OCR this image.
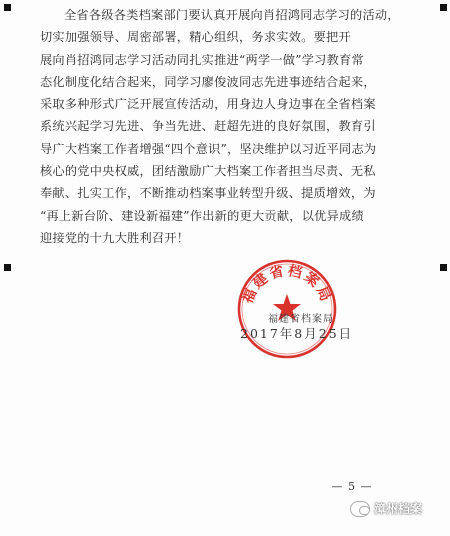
全省各级各类档案部门要认真开展向肖招鸿同志学习的活动，

切实加强领导、周密部署，精心组织，务求实效。要把开

展向肖招鸿同志学习活动同扎实推进“两学一做”学习教育常

态化制度化结合起来，同学习廖俊波同志先进事迹结合起来，

采取多种形式广泛开展宣传活动，用身边人身边事在全省档案

系统兴起学习先进、争当先进、赶超先进的良好氛围，教育引

导广大档案工作者增强“四个意识”，坚决维护以习近平同志为

核心的党中央权威，团结激励广大档案工作者担当尽责、无私

奉献、扎实工作，不断推动档案事业转型升级、提质增效，为

“再上新台阶、建设新福建”作出新的更大贡献，以优异成绩

迎接党的十九大胜利召开！

福建省档案局
福建省档案局
2017年8月25日
— 5 —
漳州档案
